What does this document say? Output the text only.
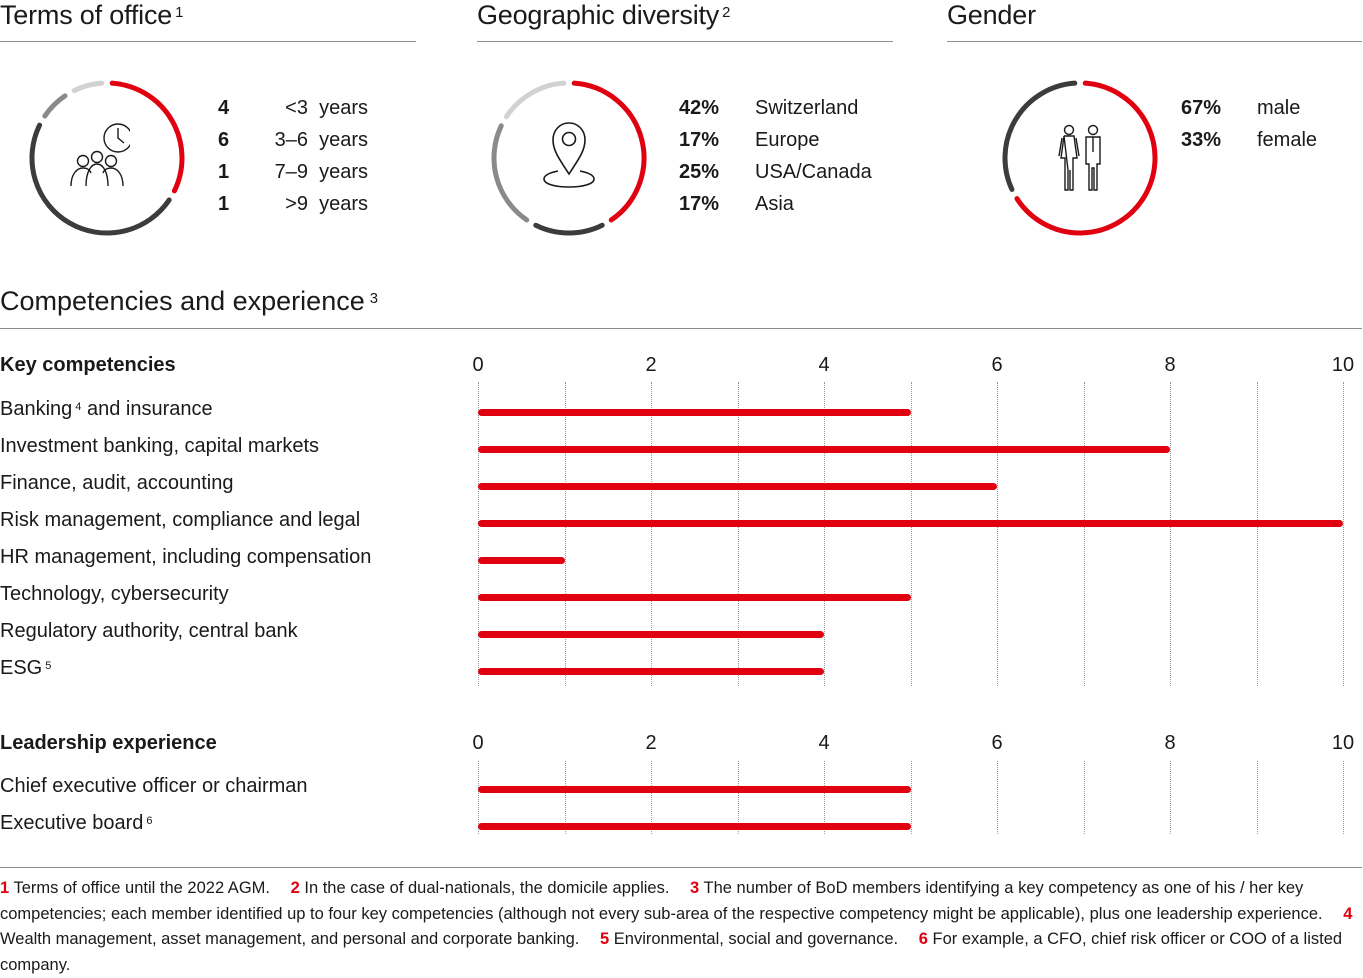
Terms of office $^1$
4	<3  years
6	3–6  years
1	7–9  years
1	>9  years
Geographic diversity $^2$
42%	Switzerland
17%	Europe
25%	USA/Canada
17%	Asia
Gender
67%	male
33%	female
Competencies and experience $^3$
Key competencies	0	2	4	6	8	10
Banking $^4$ and insurance
Investment banking, capital markets
Finance, audit, accounting
Risk management, compliance and legal
HR management, including compensation
Technology, cybersecurity
Regulatory authority, central bank
ESG $^5$
Leadership experience	0	2	4	6	8	10
Chief executive officer or chairman
Executive board $^6$
1 Terms of office until the 2022 AGM. 2 In the case of dual-nationals, the domicile applies. 3 The number of BoD members identifying a key competency as one of his / her key competencies; each member identified up to four key competencies (although not every sub-area of the respective competency might be applicable), plus one leadership experience. 4 Wealth management, asset management, and personal and corporate banking. 5 Environmental, social and governance. 6 For example, a CFO, chief risk officer or COO of a listed company.
